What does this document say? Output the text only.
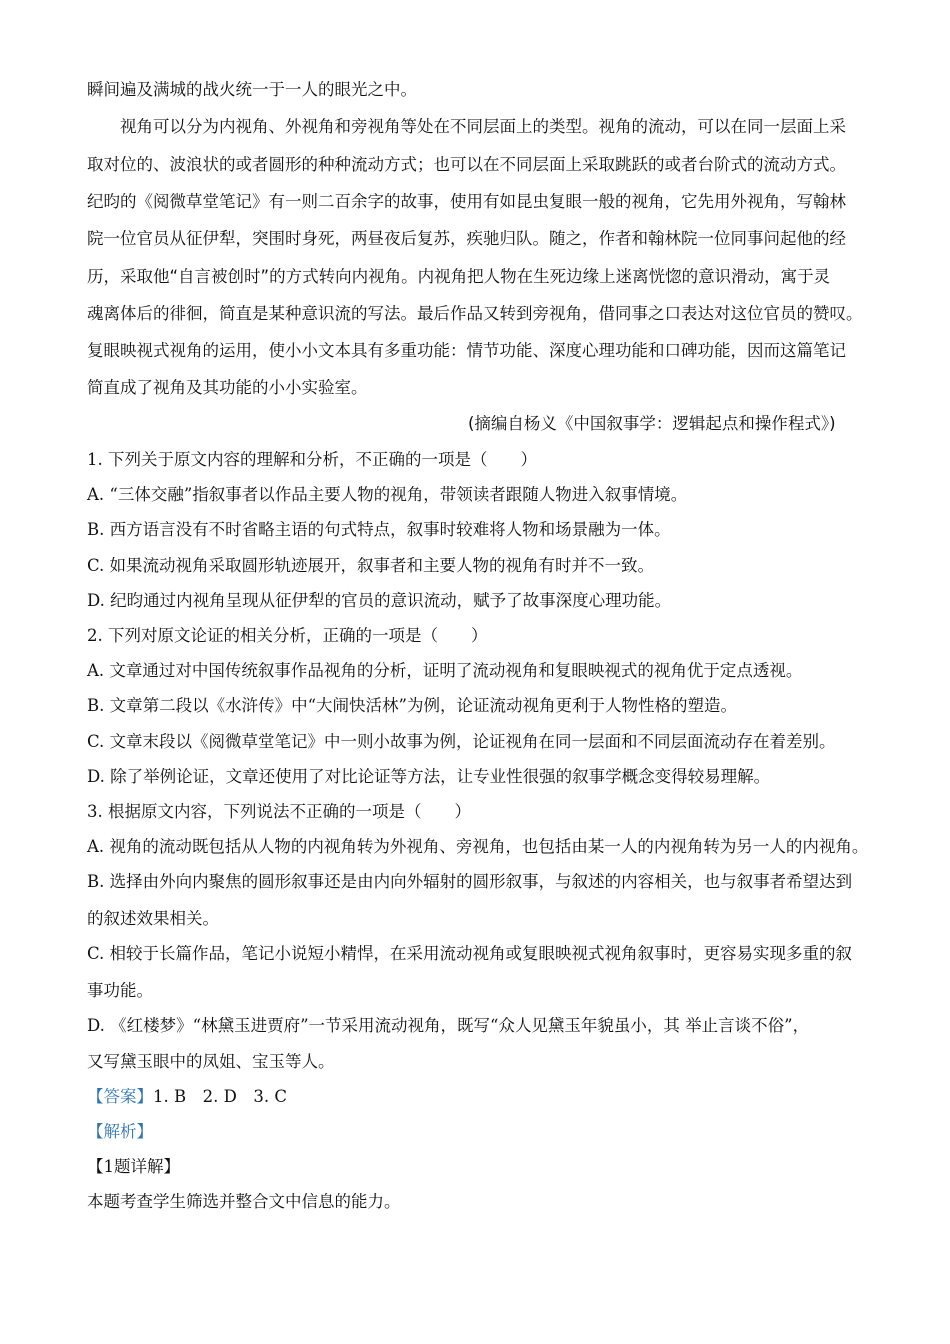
瞬间遍及满城的战火统一于一人的眼光之中。
　　视角可以分为内视角、外视角和旁视角等处在不同层面上的类型。视角的流动，可以在同一层面上采
取对位的、波浪状的或者圆形的种种流动方式；也可以在不同层面上采取跳跃的或者台阶式的流动方式。
纪昀的《阅微草堂笔记》有一则二百余字的故事，使用有如昆虫复眼一般的视角，它先用外视角，写翰林
院一位官员从征伊犁，突围时身死，两昼夜后复苏，疾驰归队。随之，作者和翰林院一位同事问起他的经
历，采取他“自言被创时”的方式转向内视角。内视角把人物在生死边缘上迷离恍惚的意识滑动，寓于灵
魂离体后的徘徊，简直是某种意识流的写法。最后作品又转到旁视角，借同事之口表达对这位官员的赞叹。
复眼映视式视角的运用，使小小文本具有多重功能：情节功能、深度心理功能和口碑功能，因而这篇笔记
简直成了视角及其功能的小小实验室。
(摘编自杨义《中国叙事学：逻辑起点和操作程式》)
1. 下列关于原文内容的理解和分析，不正确的一项是（　　）
A. “三体交融”指叙事者以作品主要人物的视角，带领读者跟随人物进入叙事情境。
B. 西方语言没有不时省略主语的句式特点，叙事时较难将人物和场景融为一体。
C. 如果流动视角采取圆形轨迹展开，叙事者和主要人物的视角有时并不一致。
D. 纪昀通过内视角呈现从征伊犁的官员的意识流动，赋予了故事深度心理功能。
2. 下列对原文论证的相关分析，正确的一项是（　　）
A. 文章通过对中国传统叙事作品视角的分析，证明了流动视角和复眼映视式的视角优于定点透视。
B. 文章第二段以《水浒传》中“大闹快活林”为例，论证流动视角更利于人物性格的塑造。
C. 文章末段以《阅微草堂笔记》中一则小故事为例，论证视角在同一层面和不同层面流动存在着差别。
D. 除了举例论证，文章还使用了对比论证等方法，让专业性很强的叙事学概念变得较易理解。
3. 根据原文内容，下列说法不正确的一项是（　　）
A. 视角的流动既包括从人物的内视角转为外视角、旁视角，也包括由某一人的内视角转为另一人的内视角。
B. 选择由外向内聚焦的圆形叙事还是由内向外辐射的圆形叙事，与叙述的内容相关，也与叙事者希望达到
的叙述效果相关。
C. 相较于长篇作品，笔记小说短小精悍，在采用流动视角或复眼映视式视角叙事时，更容易实现多重的叙
事功能。
D. 《红楼梦》“林黛玉进贾府”一节采用流动视角，既写“众人见黛玉年貌虽小，其 举止言谈不俗”，
又写黛玉眼中的凤姐、宝玉等人。
【答案】1. B　2. D　3. C
【解析】
【1题详解】
本题考查学生筛选并整合文中信息的能力。
